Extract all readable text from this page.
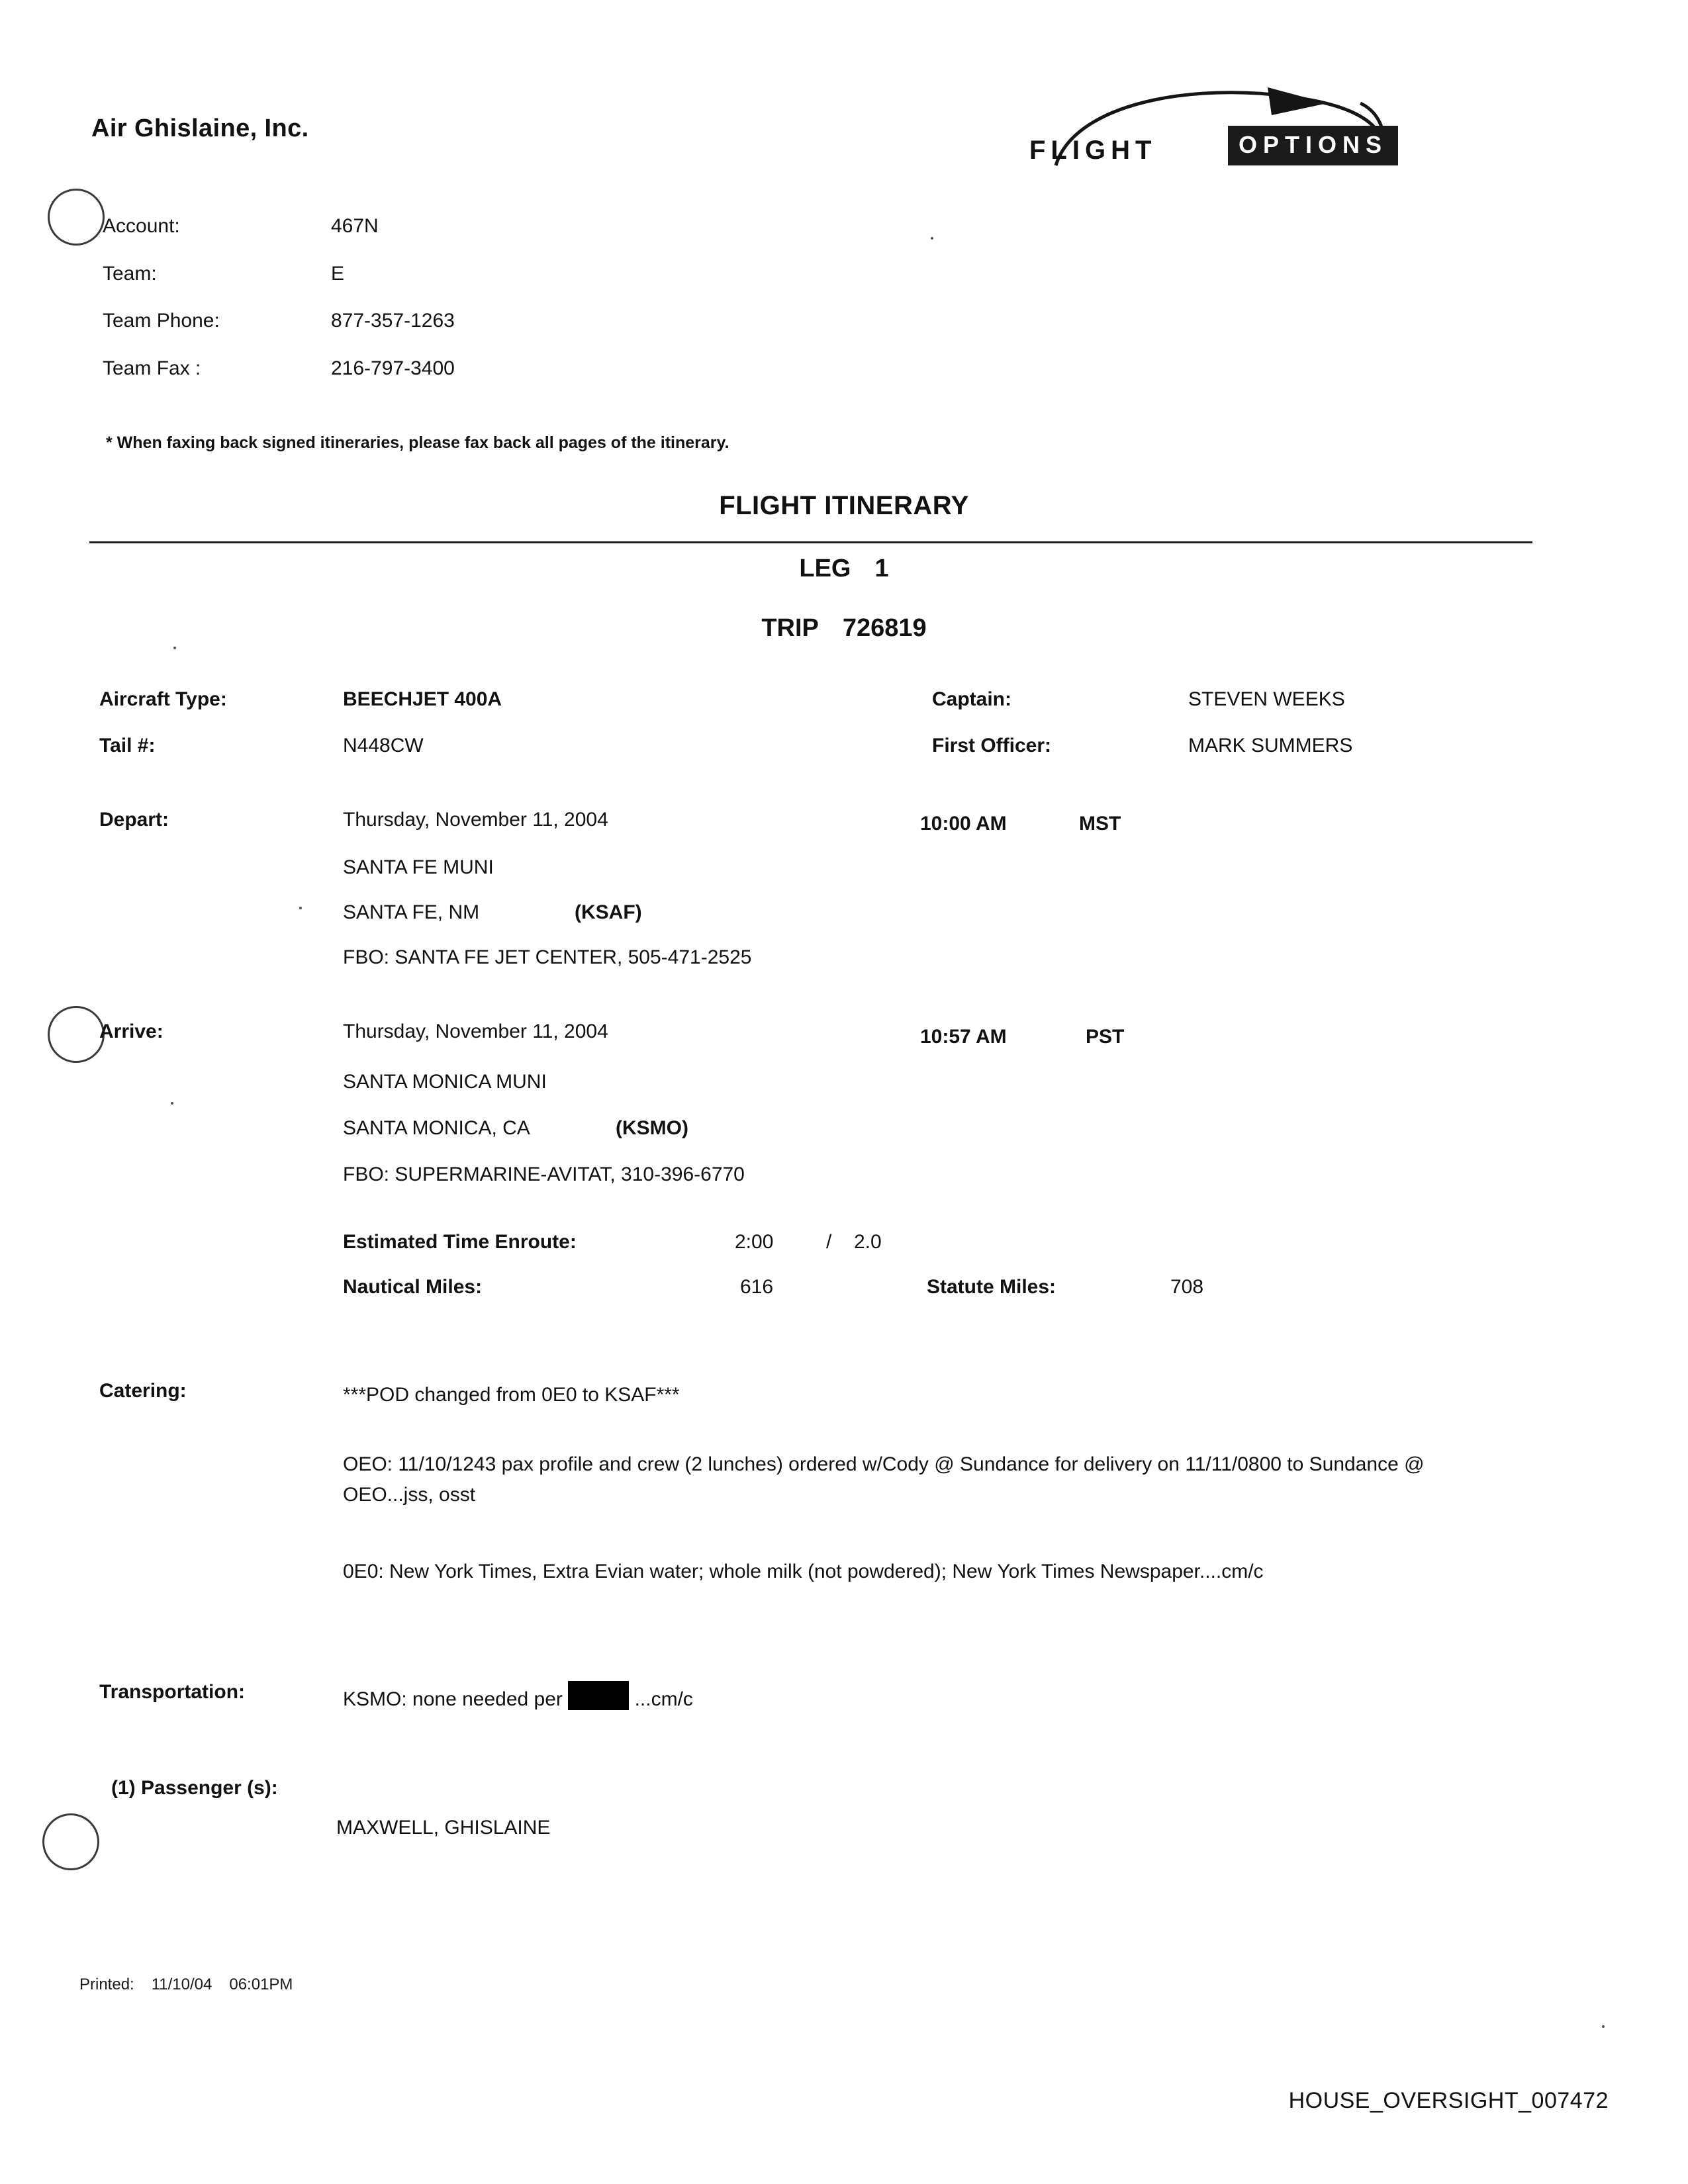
Air Ghislaine, Inc.
FLIGHT	OPTIONS
Account:	467N
Team:	E
Team Phone:	877-357-1263
Team Fax :	216-797-3400
* When faxing back signed itineraries, please fax back all pages of the itinerary.
FLIGHT ITINERARY
LEG 1
TRIP 726819
Aircraft Type:	BEECHJET 400A	Captain:	STEVEN WEEKS
Tail #:	N448CW	First Officer:	MARK SUMMERS
Depart:	Thursday, November 11, 2004	10:00 AM	MST
SANTA FE MUNI
SANTA FE, NM	(KSAF)
FBO: SANTA FE JET CENTER, 505-471-2525
Arrive:	Thursday, November 11, 2004	10:57 AM	PST
SANTA MONICA MUNI
SANTA MONICA, CA	(KSMO)
FBO: SUPERMARINE-AVITAT, 310-396-6770
Estimated Time Enroute:	2:00	/ 2.0
Nautical Miles:	616	Statute Miles:	708
Catering:	***POD changed from 0E0 to KSAF***
OEO: 11/10/1243 pax profile and crew (2 lunches) ordered w/Cody @ Sundance for delivery on 11/11/0800 to Sundance @ OEO...jss, osst
0E0: New York Times, Extra Evian water; whole milk (not powdered); New York Times Newspaper....cm/c
Transportation:	KSMO: none needed per	...cm/c
(1) Passenger (s):
MAXWELL, GHISLAINE
Printed: 11/10/04 06:01PM
HOUSE_OVERSIGHT_007472
